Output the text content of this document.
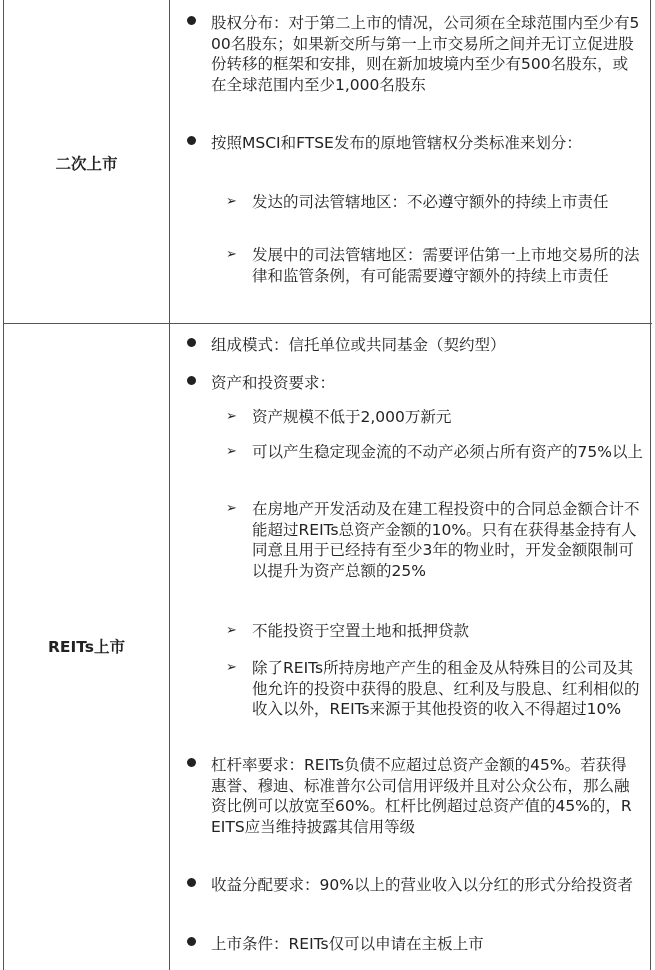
二次上市

股权分布：对于第二上市的情况，公司须在全球范围内至少有500名股东；如果新交所与第一上市交易所之间并无订立促进股份转移的框架和安排，则在新加坡境内至少有500名股东，或在全球范围内至少1,000名股东

按照MSCI和FTSE发布的原地管辖权分类标准来划分：

➢ 发达的司法管辖地区：不必遵守额外的持续上市责任

➢ 发展中的司法管辖地区：需要评估第一上市地交易所的法律和监管条例，有可能需要遵守额外的持续上市责任

REITs上市

组成模式：信托单位或共同基金（契约型）

资产和投资要求：

➢ 资产规模不低于2,000万新元

➢ 可以产生稳定现金流的不动产必须占所有资产的75%以上

➢ 在房地产开发活动及在建工程投资中的合同总金额合计不能超过REITs总资产金额的10%。只有在获得基金持有人同意且用于已经持有至少3年的物业时，开发金额限制可以提升为资产总额的25%

➢ 不能投资于空置土地和抵押贷款

➢ 除了REITs所持房地产产生的租金及从特殊目的公司及其他允许的投资中获得的股息、红利及与股息、红利相似的收入以外，REITs来源于其他投资的收入不得超过10%

杠杆率要求：REITs负债不应超过总资产金额的45%。若获得惠誉、穆迪、标准普尔公司信用评级并且对公众公布，那么融资比例可以放宽至60%。杠杆比例超过总资产值的45%的，REITS应当维持披露其信用等级

收益分配要求：90%以上的营业收入以分红的形式分给投资者

上市条件：REITs仅可以申请在主板上市
